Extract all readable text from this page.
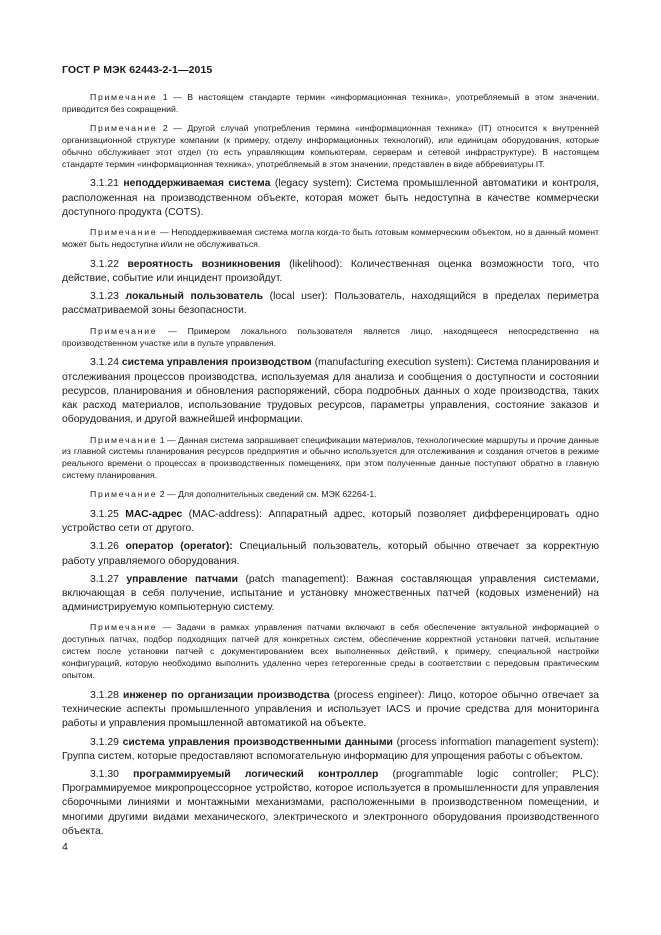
ГОСТ Р МЭК 62443-2-1—2015

Примечание 1 — В настоящем стандарте термин «информационная техника», употребляемый в этом значении, приводится без сокращений.

Примечание 2 — Другой случай употребления термина «информационная техника» (IT) относится к внутренней организационной структуре компании (к примеру, отделу информационных технологий), или единицам оборудования, которые обычно обслуживает этот отдел (то есть управляющим компьютерам, серверам и сетевой инфраструктуре). В настоящем стандарте термин «информационная техника», употребляемый в этом значении, представлен в виде аббревиатуры IT.

3.1.21 неподдерживаемая система (legacy system): Система промышленной автоматики и контроля, расположенная на производственном объекте, которая может быть недоступна в качестве коммерчески доступного продукта (COTS).

Примечание — Неподдерживаемая система могла когда-то быть готовым коммерческим объектом, но в данный момент может быть недоступна и/или не обслуживаться.

3.1.22 вероятность возникновения (likelihood): Количественная оценка возможности того, что действие, событие или инцидент произойдут.

3.1.23 локальный пользователь (local user): Пользователь, находящийся в пределах периметра рассматриваемой зоны безопасности.

Примечание — Примером локального пользователя является лицо, находящееся непосредственно на производственном участке или в пульте управления.

3.1.24 система управления производством (manufacturing execution system): Система планирования и отслеживания процессов производства, используемая для анализа и сообщения о доступности и состоянии ресурсов, планирования и обновления распоряжений, сбора подробных данных о ходе производства, таких как расход материалов, использование трудовых ресурсов, параметры управления, состояние заказов и оборудования, и другой важнейшей информации.

Примечание 1 — Данная система запрашивает спецификации материалов, технологические маршруты и прочие данные из главной системы планирования ресурсов предприятия и обычно используется для отслеживания и создания отчетов в режиме реального времени о процессах в производственных помещениях, при этом полученные данные поступают обратно в главную систему планирования.

Примечание 2 — Для дополнительных сведений см. МЭК 62264-1.

3.1.25 МАС-адрес (MAC-address): Аппаратный адрес, который позволяет дифференцировать одно устройство сети от другого.

3.1.26 оператор (operator): Специальный пользователь, который обычно отвечает за корректную работу управляемого оборудования.

3.1.27 управление патчами (patch management): Важная составляющая управления системами, включающая в себя получение, испытание и установку множественных патчей (кодовых изменений) на администрируемую компьютерную систему.

Примечание — Задачи в рамках управления патчами включают в себя обеспечение актуальной информацией о доступных патчах, подбор подходящих патчей для конкретных систем, обеспечение корректной установки патчей, испытание систем после установки патчей с документированием всех выполненных действий, к примеру, специальной настройки конфигураций, которую необходимо выполнить удаленно через гетерогенные среды в соответствии с передовым практическим опытом.

3.1.28 инженер по организации производства (process engineer): Лицо, которое обычно отвечает за технические аспекты промышленного управления и использует IACS и прочие средства для мониторинга работы и управления промышленной автоматикой на объекте.

3.1.29 система управления производственными данными (process information management system): Группа систем, которые предоставляют вспомогательную информацию для упрощения работы с объектом.

3.1.30 программируемый логический контроллер (programmable logic controller; PLC): Программируемое микропроцессорное устройство, которое используется в промышленности для управления сборочными линиями и монтажными механизмами, расположенными в производственном помещении, и многими другими видами механического, электрического и электронного оборудования производственного объекта.

4
